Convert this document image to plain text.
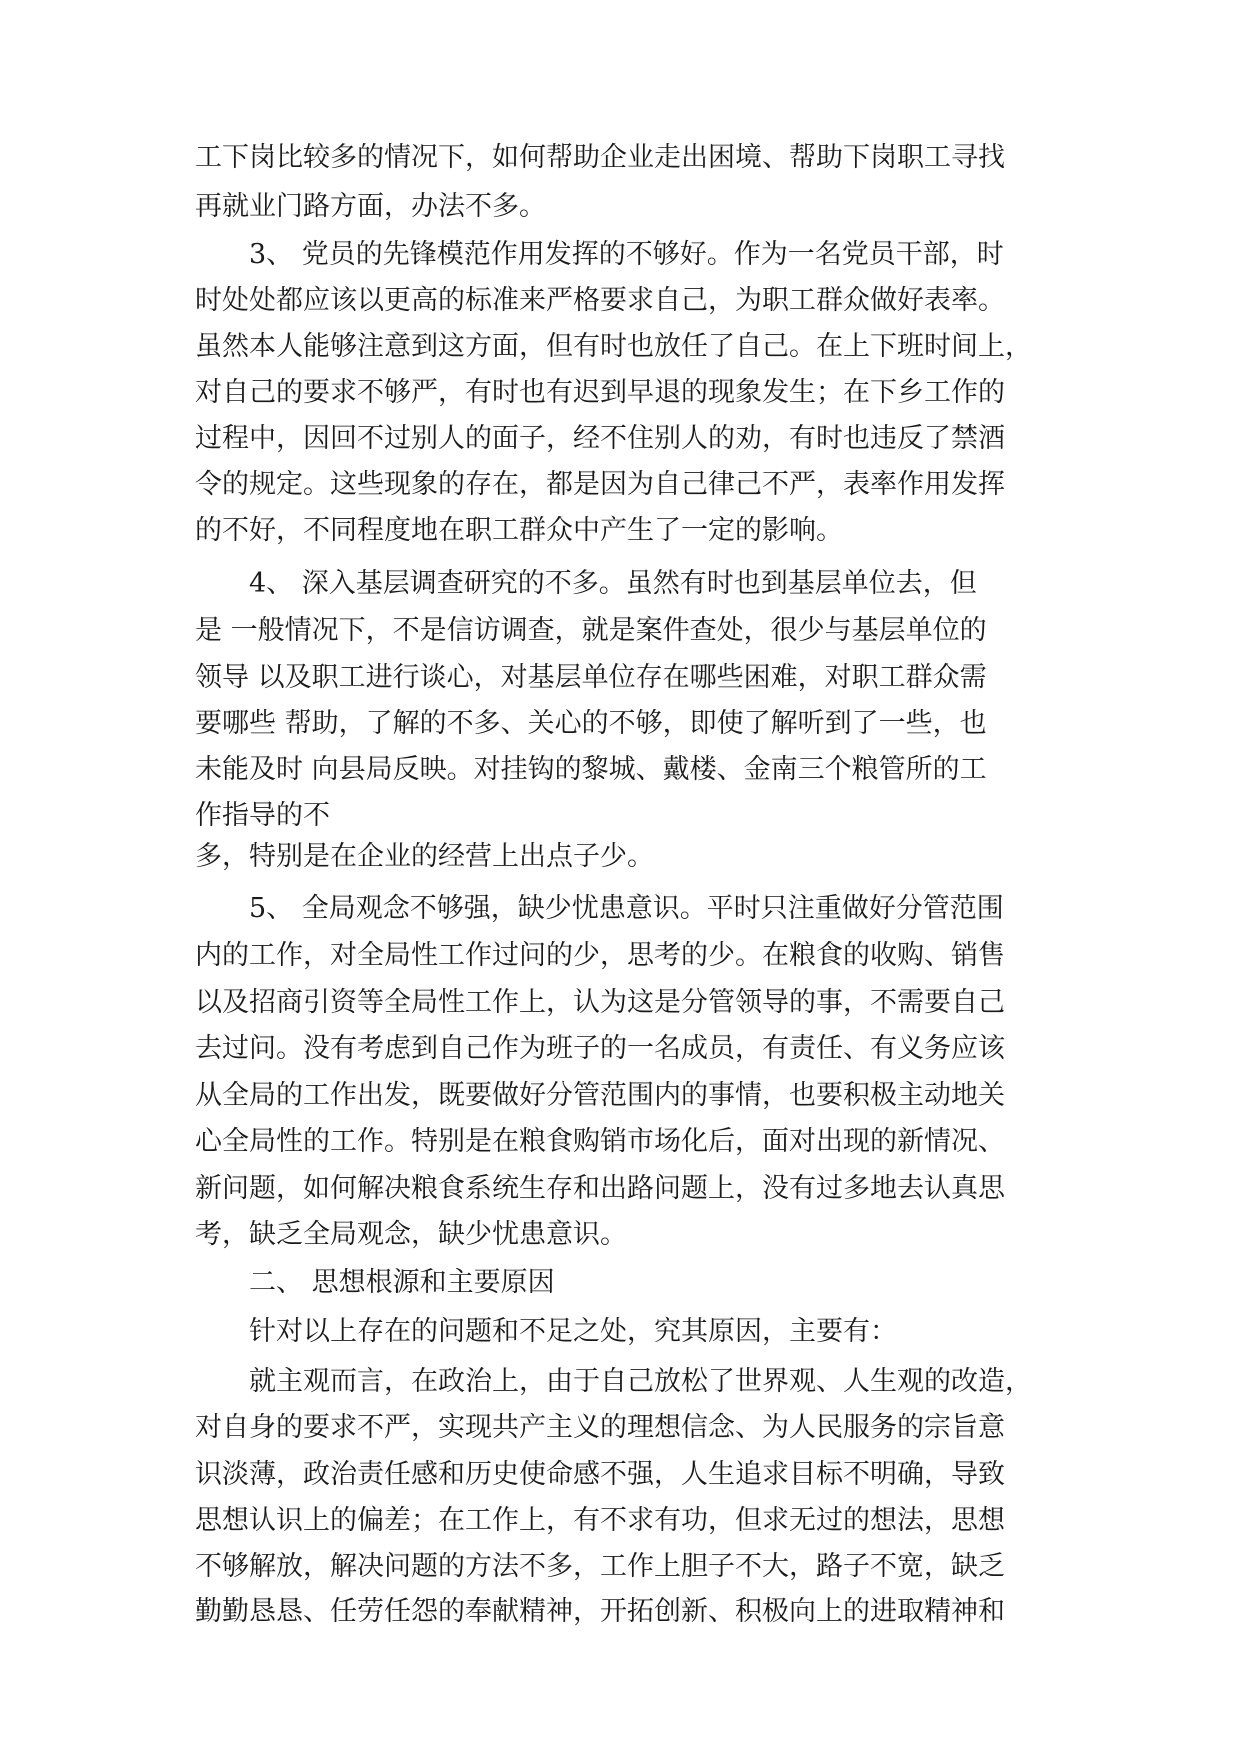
工下岗比较多的情况下，如何帮助企业走出困境、帮助下岗职工寻找

再就业门路方面，办法不多。

3、 党员的先锋模范作用发挥的不够好。作为一名党员干部，时

时处处都应该以更高的标准来严格要求自己，为职工群众做好表率。

虽然本人能够注意到这方面，但有时也放任了自己。在上下班时间上，

对自己的要求不够严，有时也有迟到早退的现象发生；在下乡工作的

过程中，因回不过别人的面子，经不住别人的劝，有时也违反了禁酒

令的规定。这些现象的存在，都是因为自己律己不严，表率作用发挥

的不好，不同程度地在职工群众中产生了一定的影响。

4、 深入基层调查研究的不多。虽然有时也到基层单位去，但

是 一般情况下，不是信访调查，就是案件查处，很少与基层单位的

领导 以及职工进行谈心，对基层单位存在哪些困难，对职工群众需

要哪些 帮助，了解的不多、关心的不够，即使了解听到了一些，也

未能及时 向县局反映。对挂钩的黎城、戴楼、金南三个粮管所的工

作指导的不

多，特别是在企业的经营上出点子少。

5、 全局观念不够强，缺少忧患意识。平时只注重做好分管范围

内的工作，对全局性工作过问的少，思考的少。在粮食的收购、销售

以及招商引资等全局性工作上，认为这是分管领导的事，不需要自己

去过问。没有考虑到自己作为班子的一名成员，有责任、有义务应该

从全局的工作出发，既要做好分管范围内的事情，也要积极主动地关

心全局性的工作。特别是在粮食购销市场化后，面对出现的新情况、

新问题，如何解决粮食系统生存和出路问题上，没有过多地去认真思

考，缺乏全局观念，缺少忧患意识。

二、 思想根源和主要原因

针对以上存在的问题和不足之处，究其原因，主要有：

就主观而言，在政治上，由于自己放松了世界观、人生观的改造，

对自身的要求不严，实现共产主义的理想信念、为人民服务的宗旨意

识淡薄，政治责任感和历史使命感不强，人生追求目标不明确，导致

思想认识上的偏差；在工作上，有不求有功，但求无过的想法，思想

不够解放，解决问题的方法不多，工作上胆子不大，路子不宽，缺乏

勤勤恳恳、任劳任怨的奉献精神，开拓创新、积极向上的进取精神和
